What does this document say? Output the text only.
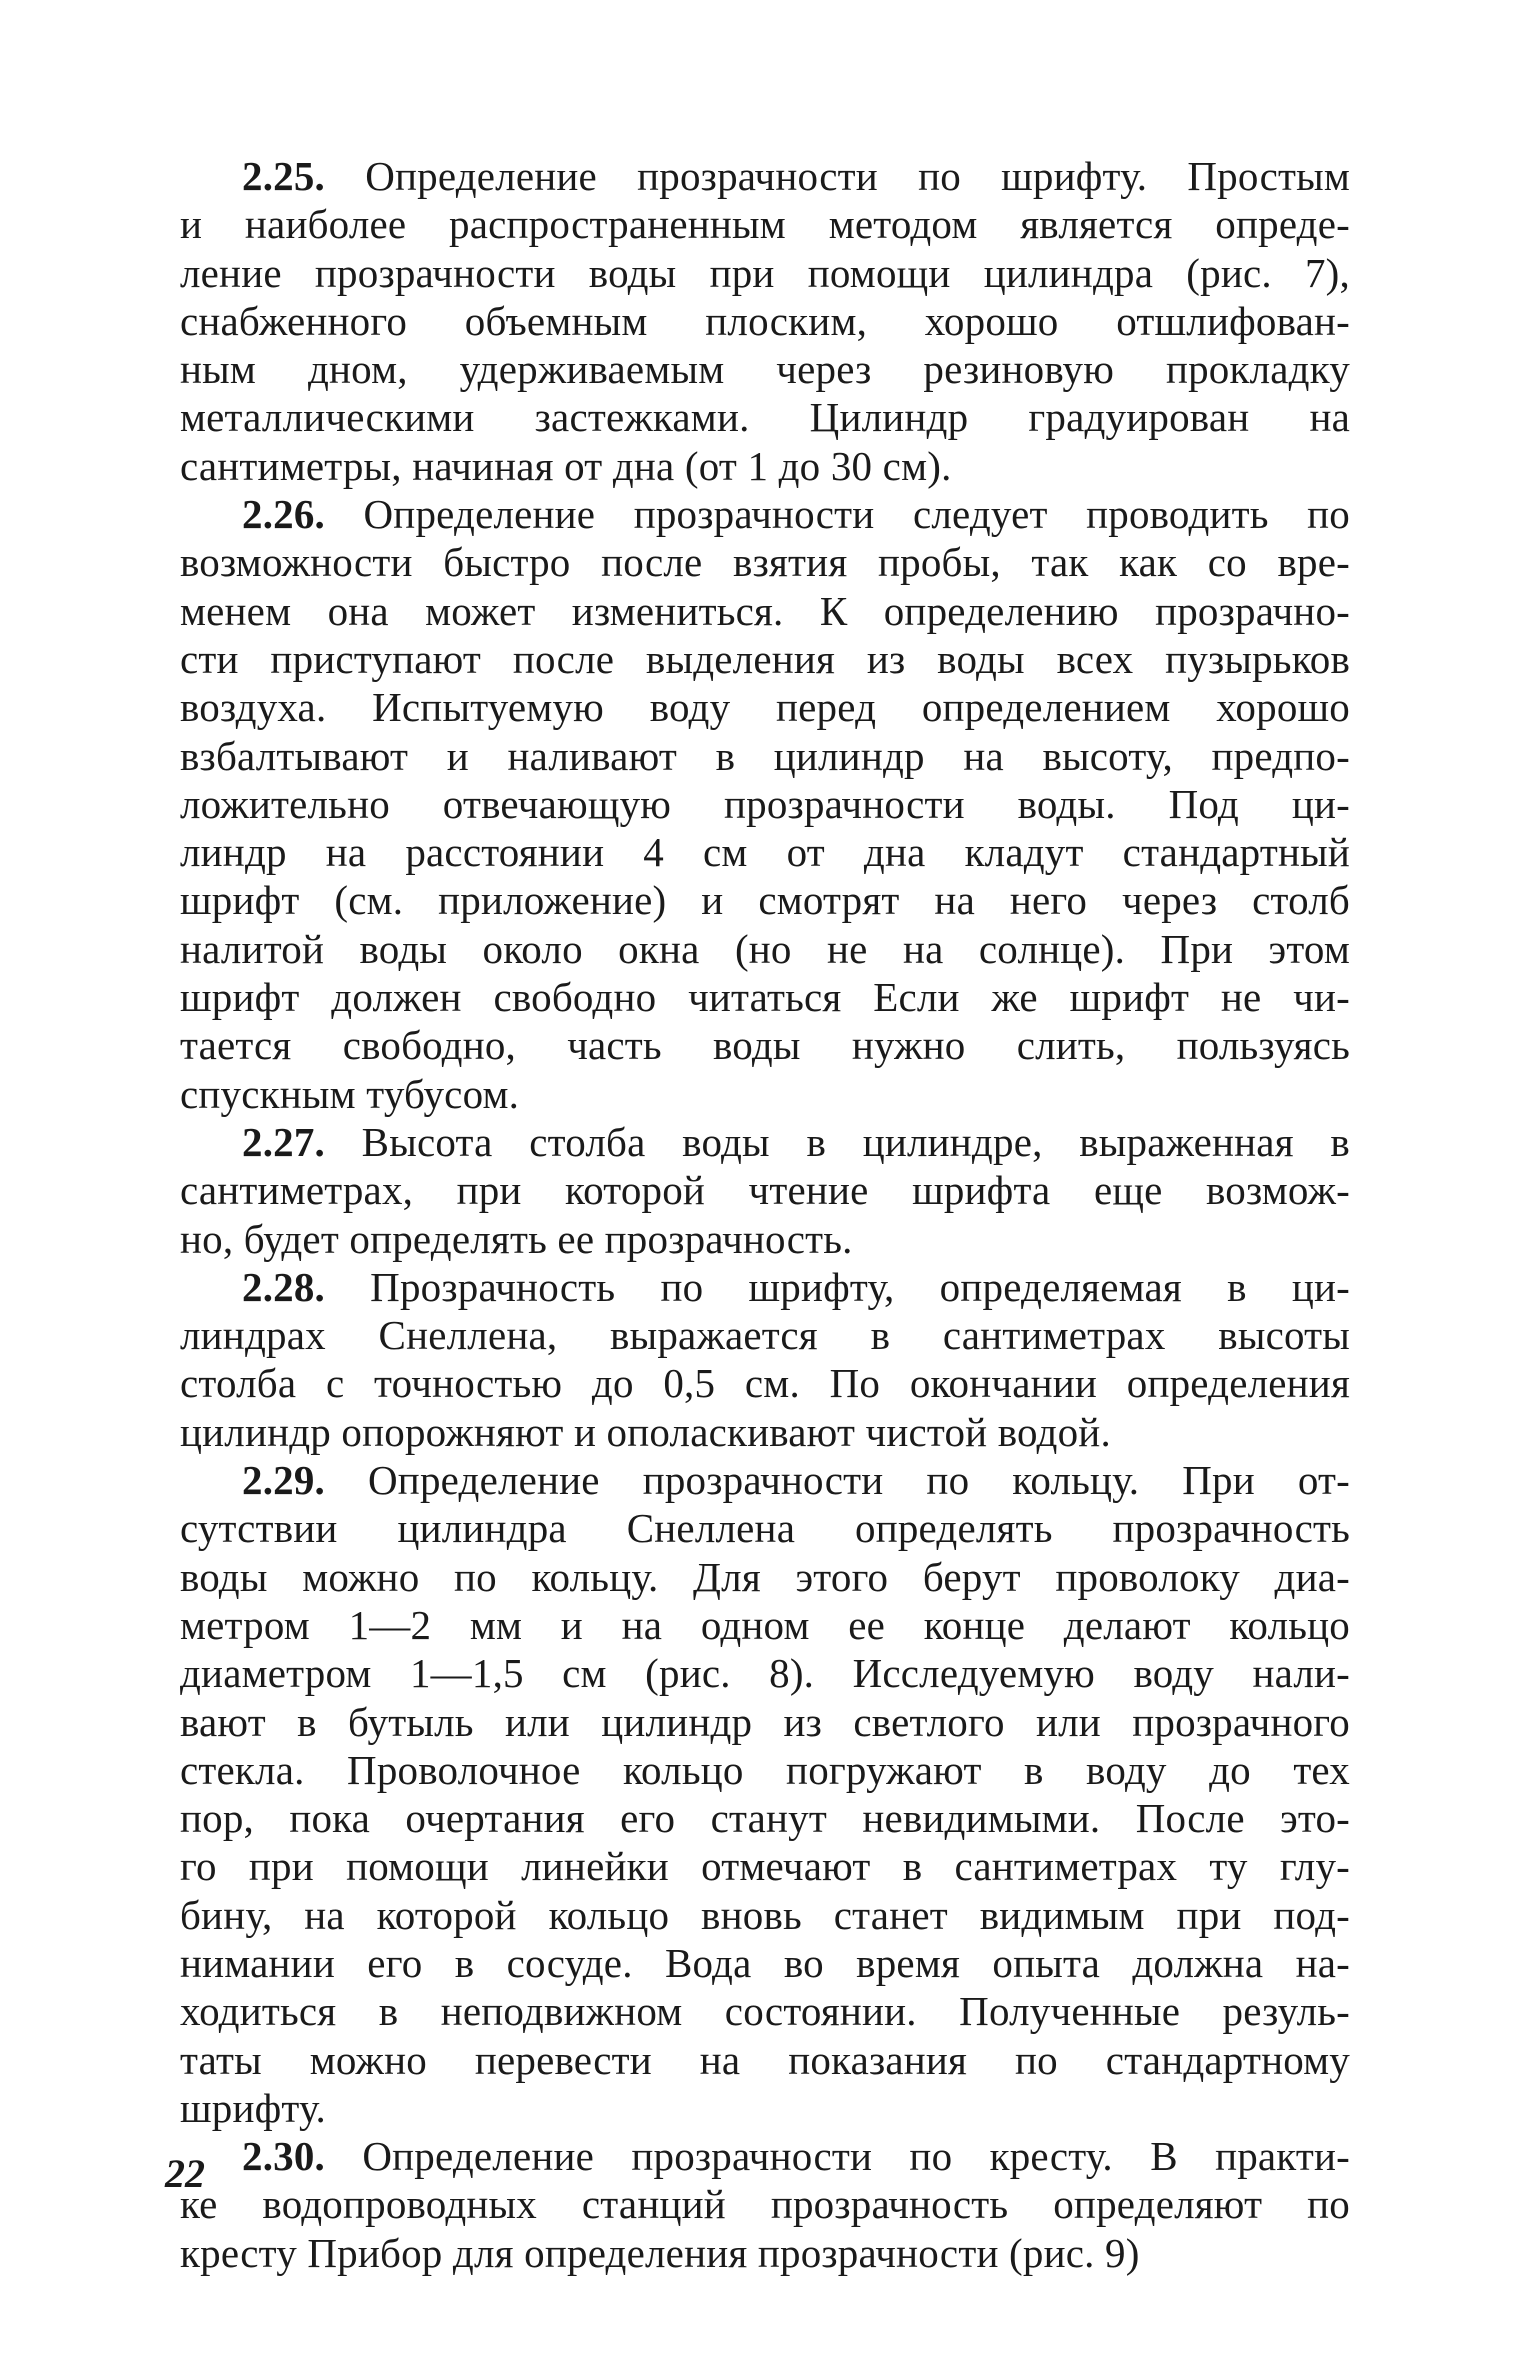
2.25. Определение прозрачности по шрифту. Простым
и наиболее распространенным методом является опреде-
ление прозрачности воды при помощи цилиндра (рис. 7),
снабженного объемным плоским, хорошо отшлифован-
ным дном, удерживаемым через резиновую прокладку
металлическими застежками. Цилиндр градуирован на
сантиметры, начиная от дна (от 1 до 30 см).
2.26. Определение прозрачности следует проводить по
возможности быстро после взятия пробы, так как со вре-
менем она может измениться. К определению прозрачно-
сти приступают после выделения из воды всех пузырьков
воздуха. Испытуемую воду перед определением хорошо
взбалтывают и наливают в цилиндр на высоту, предпо-
ложительно отвечающую прозрачности воды. Под ци-
линдр на расстоянии 4 см от дна кладут стандартный
шрифт (см. приложение) и смотрят на него через столб
налитой воды около окна (но не на солнце). При этом
шрифт должен свободно читаться Если же шрифт не чи-
тается свободно, часть воды нужно слить, пользуясь
спускным тубусом.
2.27. Высота столба воды в цилиндре, выраженная в
сантиметрах, при которой чтение шрифта еще возмож-
но, будет определять ее прозрачность.
2.28. Прозрачность по шрифту, определяемая в ци-
линдрах Снеллена, выражается в сантиметрах высоты
столба с точностью до 0,5 см. По окончании определения
цилиндр опорожняют и ополаскивают чистой водой.
2.29. Определение прозрачности по кольцу. При от-
сутствии цилиндра Снеллена определять прозрачность
воды можно по кольцу. Для этого берут проволоку диа-
метром 1—2 мм и на одном ее конце делают кольцо
диаметром 1—1,5 см (рис. 8). Исследуемую воду нали-
вают в бутыль или цилиндр из светлого или прозрачного
стекла. Проволочное кольцо погружают в воду до тех
пор, пока очертания его станут невидимыми. После это-
го при помощи линейки отмечают в сантиметрах ту глу-
бину, на которой кольцо вновь станет видимым при под-
нимании его в сосуде. Вода во время опыта должна на-
ходиться в неподвижном состоянии. Полученные резуль-
таты можно перевести на показания по стандартному
шрифту.
2.30. Определение прозрачности по кресту. В практи-
ке водопроводных станций прозрачность определяют по
кресту Прибор для определения прозрачности (рис. 9)
22
